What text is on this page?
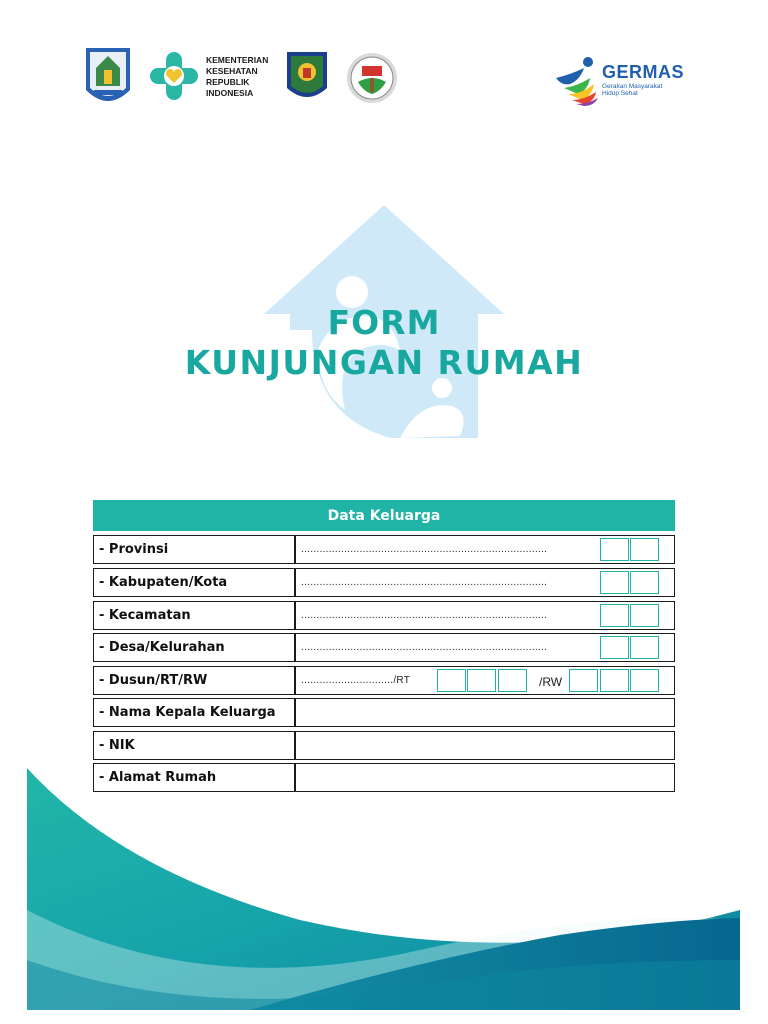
KEMENTERIAN
KESEHATAN
REPUBLIK
INDONESIA
GERMAS
Gerakan Masyarakat
Hidup Sehat
FORM
KUNJUNGAN RUMAH
Data Keluarga
- Provinsi	................................................................................
- Kabupaten/Kota	................................................................................
- Kecamatan	................................................................................
- Desa/Kelurahan	................................................................................
- Dusun/RT/RW	............................../RT	/RW
- Nama Kepala Keluarga
- NIK
- Alamat Rumah
